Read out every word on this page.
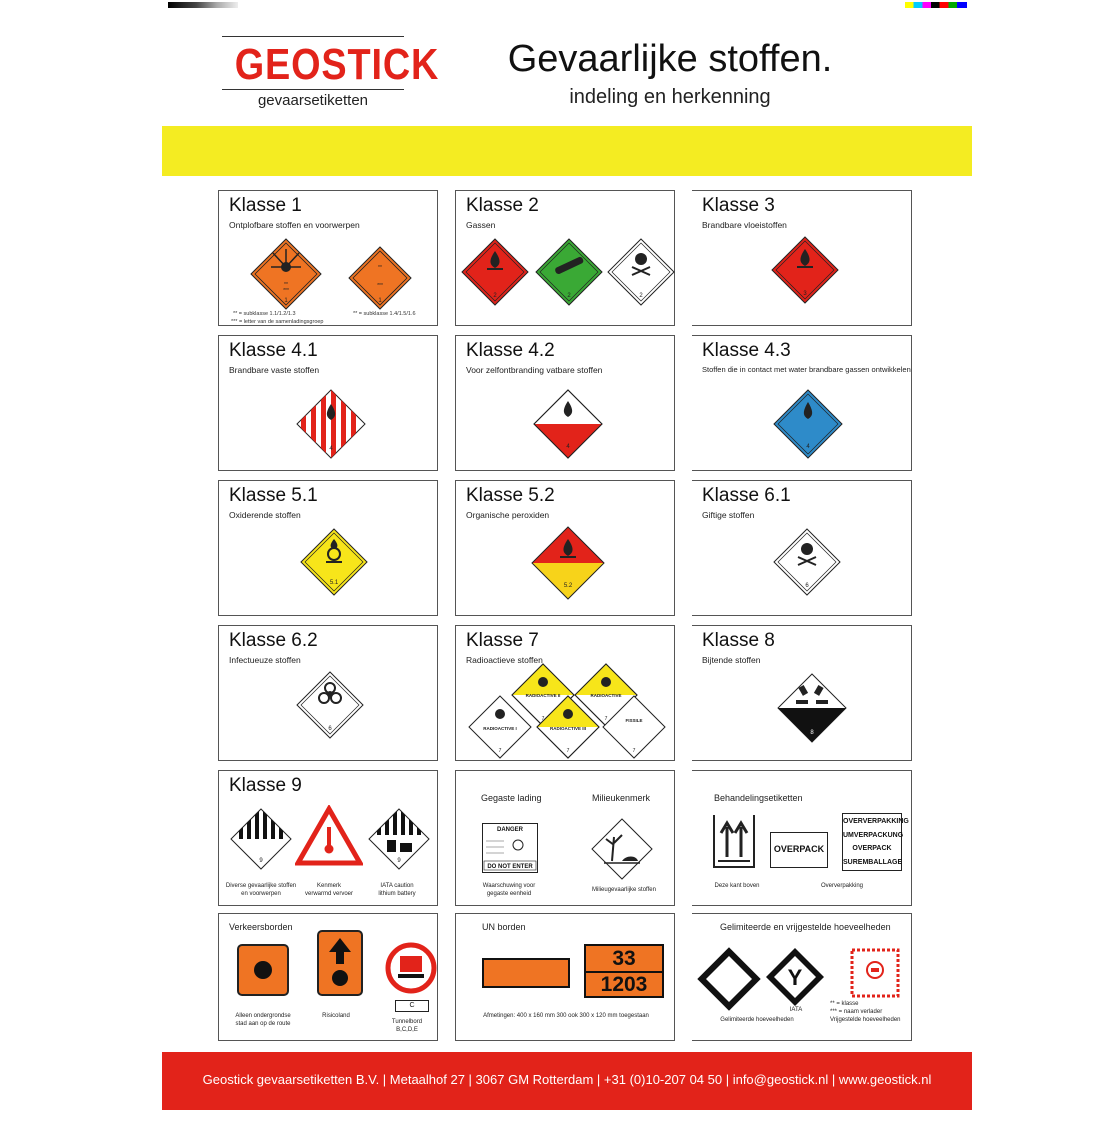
GEOSTICK
gevaarsetiketten
Gevaarlijke stoffen.
indeling en herkenning
Klasse 1
Ontplofbare stoffen en voorwerpen
**
***
1
**
***
1
** = subklasse 1.1/1.2/1.3
*** = letter van de samenladingsgroep
** = subklasse 1.4/1.5/1.6
Klasse 2
Gassen
2	2	2
Klasse 3
Brandbare vloeistoffen
3
Klasse 4.1
Brandbare vaste stoffen
4
Klasse 4.2
Voor zelfontbranding vatbare stoffen
4
Klasse 4.3
Stoffen die in contact met water brandbare gassen ontwikkelen
4
Klasse 5.1
Oxiderende stoffen
5.1
Klasse 5.2
Organische peroxiden
5.2
Klasse 6.1
Giftige stoffen
6
Klasse 6.2
Infectueuze stoffen
6
Klasse 7
Radioactieve stoffen
RADIOACTIVE II
7
RADIOACTIVE
7
RADIOACTIVE I
7
RADIOACTIVE III
7
FISSILE
7
Klasse 8
Bijtende stoffen
8
Klasse 9
9	9
Diverse gevaarlijke stoffen
en voorwerpen
Kenmerk
verwarmd vervoer
IATA caution
lithium battery
Gegaste lading	Milieukenmerk
DANGER
DO NOT ENTER
Waarschuwing voor
gegaste eenheid
Milieugevaarlijke stoffen
Behandelingsetiketten
OVERPACK
OVERVERPAKKING
UMVERPACKUNG
OVERPACK
SUREMBALLAGE
Deze kant boven	Oververpakking
Verkeersborden
C
Alleen ondergrondse
stad aan op de route
Risicoland
Tunnelbord
B,C,D,E
UN borden
33
1203
Afmetingen: 400 x 160 mm 300 ook 300 x 120 mm toegestaan
Gelimiteerde en vrijgestelde hoeveelheden
Y
IATA
Gelimiteerde hoeveelheden
** = klasse
*** = naam verlader
Vrijgestelde hoeveelheden
Geostick gevaarsetiketten B.V. | Metaalhof 27 | 3067 GM Rotterdam | +31 (0)10-207 04 50 | info@geostick.nl | www.geostick.nl
